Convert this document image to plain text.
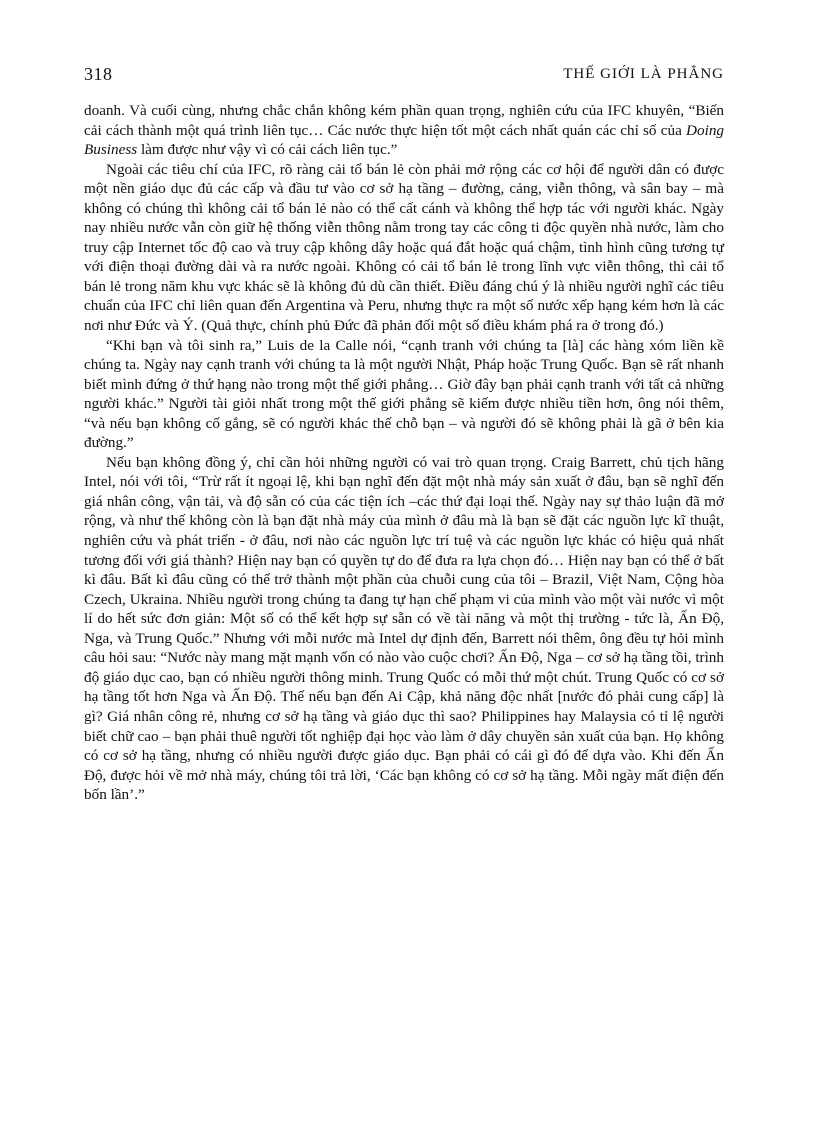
318	THẾ GIỚI LÀ PHẲNG

doanh. Và cuối cùng, nhưng chắc chắn không kém phần quan trọng, nghiên cứu của IFC khuyên, “Biến cải cách thành một quá trình liên tục… Các nước thực hiện tốt một cách nhất quán các chỉ số của Doing Business làm được như vậy vì có cải cách liên tục.”

Ngoài các tiêu chí của IFC, rõ ràng cải tổ bán lẻ còn phải mở rộng các cơ hội để người dân có được một nền giáo dục đủ các cấp và đầu tư vào cơ sở hạ tầng – đường, cảng, viễn thông, và sân bay – mà không có chúng thì không cải tổ bán lẻ nào có thể cất cánh và không thể hợp tác với người khác. Ngày nay nhiều nước vẫn còn giữ hệ thống viễn thông nằm trong tay các công ti độc quyền nhà nước, làm cho truy cập Internet tốc độ cao và truy cập không dây hoặc quá đắt hoặc quá chậm, tình hình cũng tương tự với điện thoại đường dài và ra nước ngoài. Không có cải tổ bán lẻ trong lĩnh vực viễn thông, thì cải tổ bán lẻ trong năm khu vực khác sẽ là không đủ dù cần thiết. Điều đáng chú ý là nhiều người nghĩ các tiêu chuẩn của IFC chỉ liên quan đến Argentina và Peru, nhưng thực ra một số nước xếp hạng kém hơn là các nơi như Đức và Ý. (Quả thực, chính phủ Đức đã phản đối một số điều khám phá ra ở trong đó.)

“Khi bạn và tôi sinh ra,” Luis de la Calle nói, “cạnh tranh với chúng ta [là] các hàng xóm liền kề chúng ta. Ngày nay cạnh tranh với chúng ta là một người Nhật, Pháp hoặc Trung Quốc. Bạn sẽ rất nhanh biết mình đứng ở thứ hạng nào trong một thế giới phẳng… Giờ đây bạn phải cạnh tranh với tất cả những người khác.” Người tài giỏi nhất trong một thế giới phẳng sẽ kiếm được nhiều tiền hơn, ông nói thêm, “và nếu bạn không cố gắng, sẽ có người khác thế chỗ bạn – và người đó sẽ không phải là gã ở bên kia đường.”

Nếu bạn không đồng ý, chỉ cần hỏi những người có vai trò quan trọng. Craig Barrett, chủ tịch hãng Intel, nói với tôi, “Trừ rất ít ngoại lệ, khi bạn nghĩ đến đặt một nhà máy sản xuất ở đâu, bạn sẽ nghĩ đến giá nhân công, vận tải, và độ sẵn có của các tiện ích –các thứ đại loại thế. Ngày nay sự thảo luận đã mở rộng, và như thế không còn là bạn đặt nhà máy của mình ở đâu mà là bạn sẽ đặt các nguồn lực kĩ thuật, nghiên cứu và phát triển - ở đâu, nơi nào các nguồn lực trí tuệ và các nguồn lực khác có hiệu quả nhất tương đối với giá thành? Hiện nay bạn có quyền tự do để đưa ra lựa chọn đó… Hiện nay bạn có thể ở bất kì đâu. Bất kì đâu cũng có thể trở thành một phần của chuỗi cung của tôi – Brazil, Việt Nam, Cộng hòa Czech, Ukraina. Nhiều người trong chúng ta đang tự hạn chế phạm vi của mình vào một vài nước vì một lí do hết sức đơn giản: Một số có thể kết hợp sự sẵn có về tài năng và một thị trường - tức là, Ấn Độ, Nga, và Trung Quốc.” Nhưng với mỗi nước mà Intel dự định đến, Barrett nói thêm, ông đều tự hỏi mình câu hỏi sau: “Nước này mang mặt mạnh vốn có nào vào cuộc chơi? Ấn Độ, Nga – cơ sở hạ tầng tồi, trình độ giáo dục cao, bạn có nhiều người thông minh. Trung Quốc có mỗi thứ một chút. Trung Quốc có cơ sở hạ tầng tốt hơn Nga và Ấn Độ. Thế nếu bạn đến Ai Cập, khả năng độc nhất [nước đó phải cung cấp] là gì? Giá nhân công rẻ, nhưng cơ sở hạ tầng và giáo dục thì sao? Philippines hay Malaysia có tỉ lệ người biết chữ cao – bạn phải thuê người tốt nghiệp đại học vào làm ở dây chuyền sản xuất của bạn. Họ không có cơ sở hạ tầng, nhưng có nhiều người được giáo dục. Bạn phải có cái gì đó để dựa vào. Khi đến Ấn Độ, được hỏi về mở nhà máy, chúng tôi trả lời, ‘Các bạn không có cơ sở hạ tầng. Mỗi ngày mất điện đến bốn lần’.”
